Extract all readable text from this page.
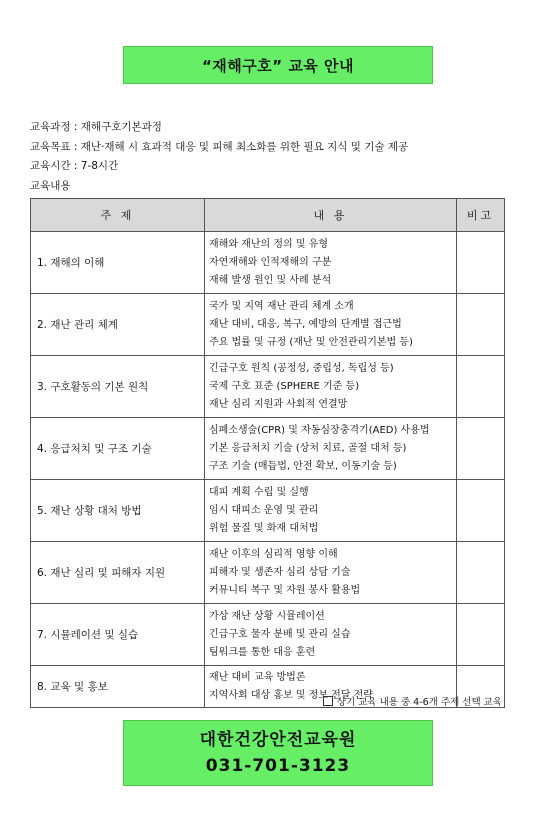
“재해구호” 교육 안내
교육과정 : 재해구호기본과정
교육목표 : 재난·재해 시 효과적 대응 및 피해 최소화를 위한 필요 지식 및 기술 제공
교육시간 : 7-8시간
교육내용
주 제	내 용	비고
1. 재해의 이해	재해와 재난의 정의 및 유형
자연재해와 인적재해의 구분
재해 발생 원인 및 사례 분석	

2. 재난 관리 체계	국가 및 지역 재난 관리 체계 소개
재난 대비, 대응, 복구, 예방의 단계별 접근법
주요 법률 및 규정 (재난 및 안전관리기본법 등)	

3. 구호활동의 기본 원칙	긴급구호 원칙 (공정성, 중립성, 독립성 등)
국제 구호 표준 (SPHERE 기준 등)
재난 심리 지원과 사회적 연결망	

4. 응급처치 및 구조 기술	심폐소생술(CPR) 및 자동심장충격기(AED) 사용법
기본 응급처치 기술 (상처 치료, 골절 대처 등)
구조 기술 (매듭법, 안전 확보, 이동기술 등)	

5. 재난 상황 대처 방법	대피 계획 수립 및 실행
임시 대피소 운영 및 관리
위험 물질 및 화재 대처법	

6. 재난 심리 및 피해자 지원	재난 이후의 심리적 영향 이해
피해자 및 생존자 심리 상담 기술
커뮤니티 복구 및 자원 봉사 활용법	

7. 시뮬레이션 및 실습	가상 재난 상황 시뮬레이션
긴급구호 물자 분배 및 관리 실습
팀워크를 통한 대응 훈련	

8. 교육 및 홍보	재난 대비 교육 방법론
지역사회 대상 홍보 및 정보 전달 전략	

상기 교육 내용 중 4-6개 주제 선택 교육
대한건강안전교육원
031-701-3123
